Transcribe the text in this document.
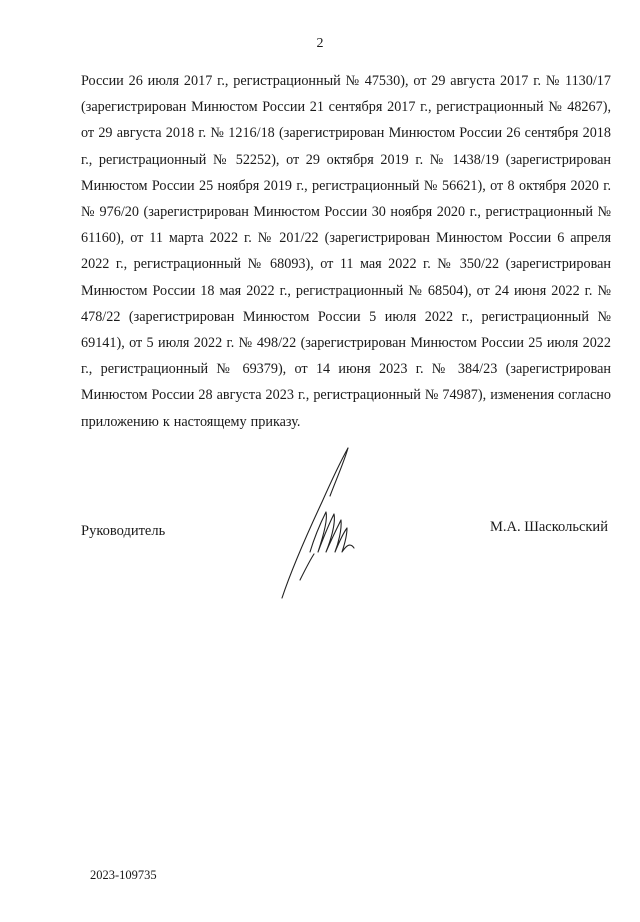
2

России 26 июля 2017 г., регистрационный № 47530), от 29 августа 2017 г. № 1130/17 (зарегистрирован Минюстом России 21 сентября 2017 г., регистрационный № 48267), от 29 августа 2018 г. № 1216/18 (зарегистрирован Минюстом России 26 сентября 2018 г., регистрационный № 52252), от 29 октября 2019 г. № 1438/19 (зарегистрирован Минюстом России 25 ноября 2019 г., регистрационный № 56621), от 8 октября 2020 г. № 976/20 (зарегистрирован Минюстом России 30 ноября 2020 г., регистрационный № 61160), от 11 марта 2022 г. № 201/22 (зарегистрирован Минюстом России 6 апреля 2022 г., регистрационный № 68093), от 11 мая 2022 г. № 350/22 (зарегистрирован Минюстом России 18 мая 2022 г., регистрационный № 68504), от 24 июня 2022 г. № 478/22 (зарегистрирован Минюстом России 5 июля 2022 г., регистрационный № 69141), от 5 июля 2022 г. № 498/22 (зарегистрирован Минюстом России 25 июля 2022 г., регистрационный № 69379), от 14 июня 2023 г. № 384/23 (зарегистрирован Минюстом России 28 августа 2023 г., регистрационный № 74987), изменения согласно приложению к настоящему приказу.

Руководитель	М.А. Шаскольский
2023-109735
